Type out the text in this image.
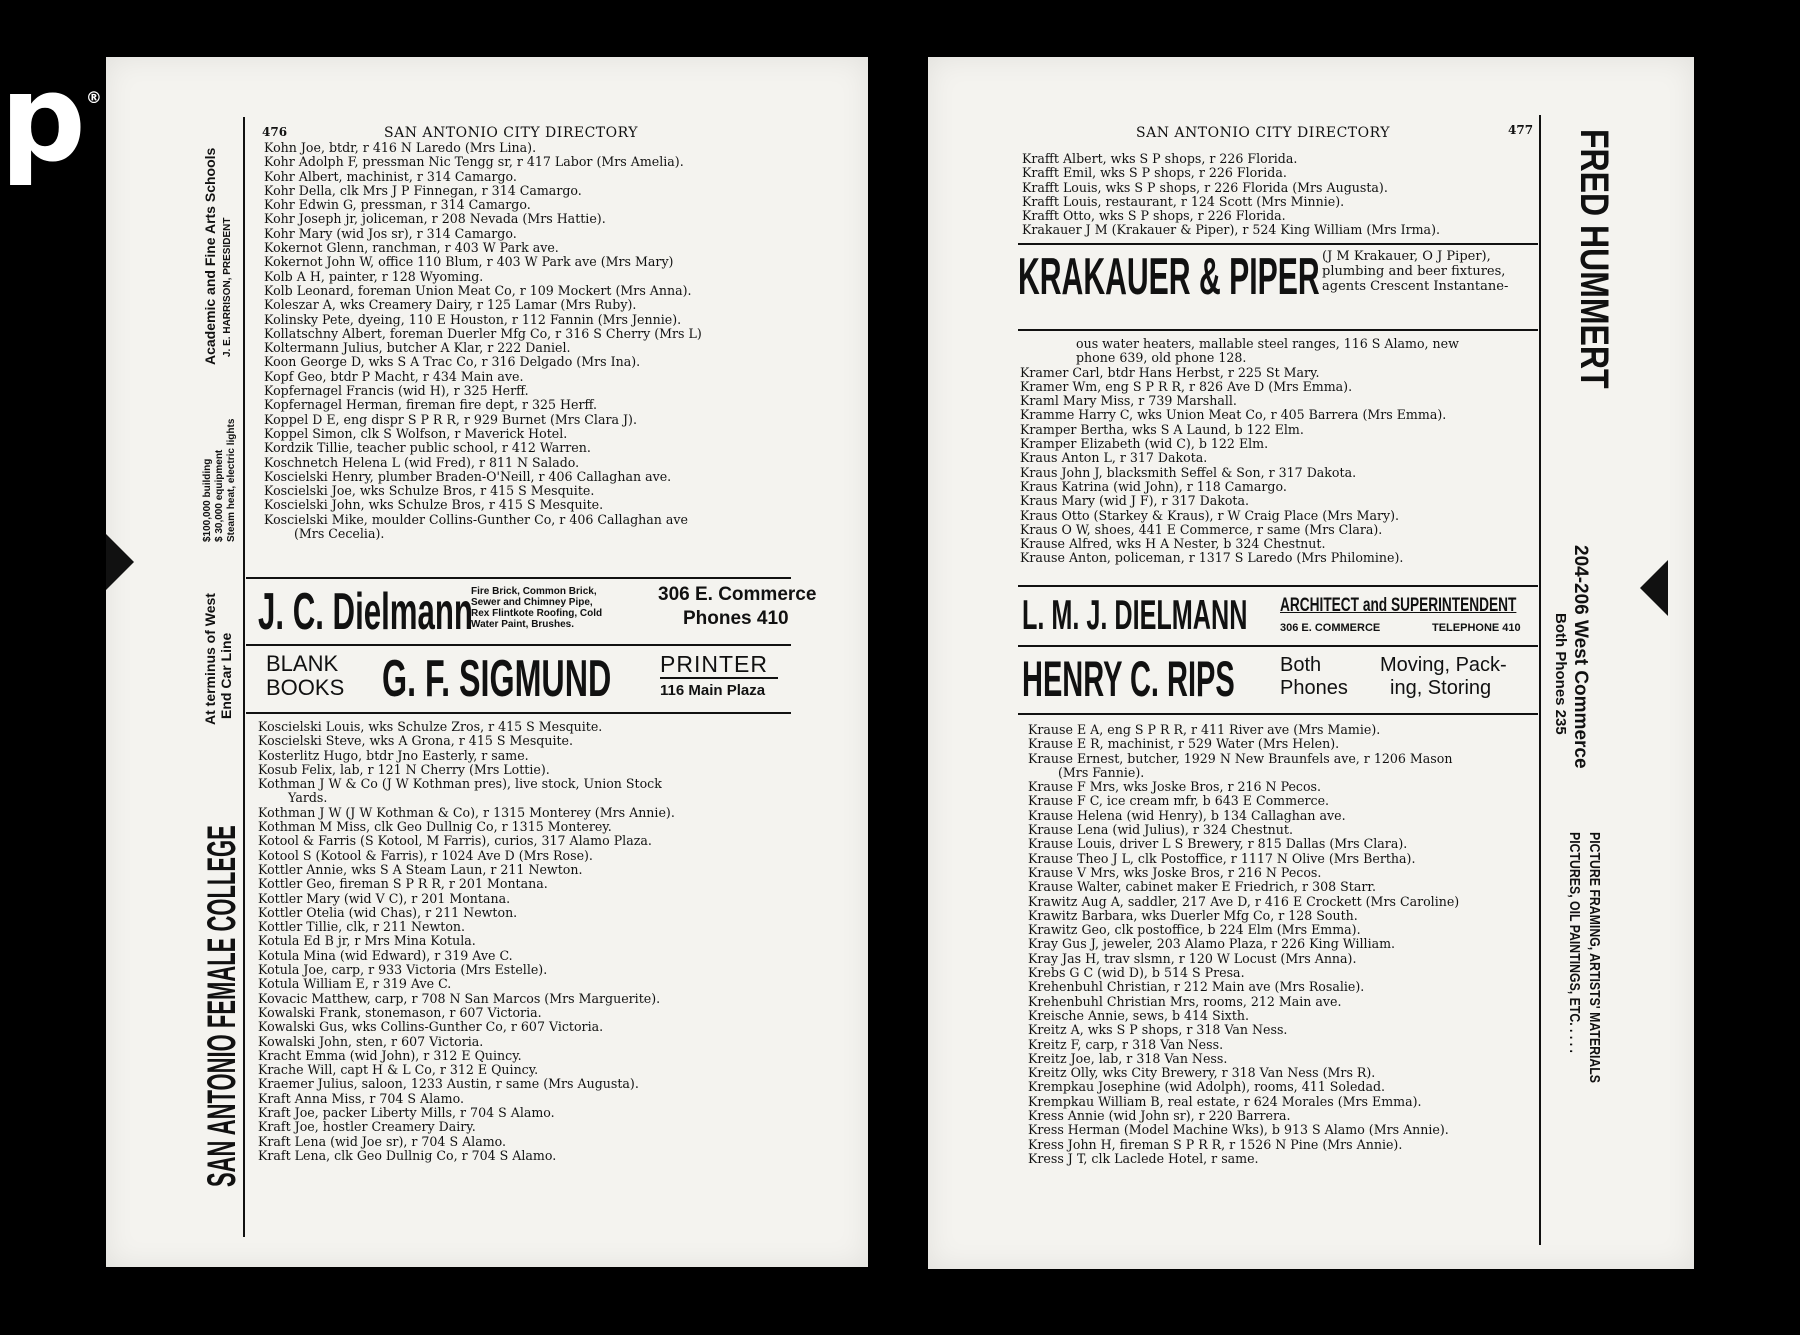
p®
476	SAN ANTONIO CITY DIRECTORY
SAN ANTONIO FEMALE COLLEGE
At terminus of West End Car Line
$100,000 building $ 30,000 equipment Steam heat, electric lights
Academic and Fine Arts Schools J. E. HARRISON, PRESIDENT
Kohn Joe, btdr, r 416 N Laredo (Mrs Lina).
Kohr Adolph F, pressman Nic Tengg sr, r 417 Labor (Mrs Amelia).
Kohr Albert, machinist, r 314 Camargo.
Kohr Della, clk Mrs J P Finnegan, r 314 Camargo.
Kohr Edwin G, pressman, r 314 Camargo.
Kohr Joseph jr, joliceman, r 208 Nevada (Mrs Hattie).
Kohr Mary (wid Jos sr), r 314 Camargo.
Kokernot Glenn, ranchman, r 403 W Park ave.
Kokernot John W, office 110 Blum, r 403 W Park ave (Mrs Mary)
Kolb A H, painter, r 128 Wyoming.
Kolb Leonard, foreman Union Meat Co, r 109 Mockert (Mrs Anna).
Koleszar A, wks Creamery Dairy, r 125 Lamar (Mrs Ruby).
Kolinsky Pete, dyeing, 110 E Houston, r 112 Fannin (Mrs Jennie).
Kollatschny Albert, foreman Duerler Mfg Co, r 316 S Cherry (Mrs L)
Koltermann Julius, butcher A Klar, r 222 Daniel.
Koon George D, wks S A Trac Co, r 316 Delgado (Mrs Ina).
Kopf Geo, btdr P Macht, r 434 Main ave.
Kopfernagel Francis (wid H), r 325 Herff.
Kopfernagel Herman, fireman fire dept, r 325 Herff.
Koppel D E, eng dispr S P R R, r 929 Burnet (Mrs Clara J).
Koppel Simon, clk S Wolfson, r Maverick Hotel.
Kordzik Tillie, teacher public school, r 412 Warren.
Koschnetch Helena L (wid Fred), r 811 N Salado.
Koscielski Henry, plumber Braden-O'Neill, r 406 Callaghan ave.
Koscielski Joe, wks Schulze Bros, r 415 S Mesquite.
Koscielski John, wks Schulze Bros, r 415 S Mesquite.
Koscielski Mike, moulder Collins-Gunther Co, r 406 Callaghan ave
(Mrs Cecelia).
J. C. Dielmann
Fire Brick, Common Brick,
Sewer and Chimney Pipe,
Rex Flintkote Roofing, Cold
Water Paint, Brushes.
306 E. Commerce
Phones 410
BLANK
BOOKS G. F. SIGMUND	PRINTER
116 Main Plaza
Koscielski Louis, wks Schulze Zros, r 415 S Mesquite.
Koscielski Steve, wks A Grona, r 415 S Mesquite.
Kosterlitz Hugo, btdr Jno Easterly, r same.
Kosub Felix, lab, r 121 N Cherry (Mrs Lottie).
Kothman J W & Co (J W Kothman pres), live stock, Union Stock
Yards.
Kothman J W (J W Kothman & Co), r 1315 Monterey (Mrs Annie).
Kothman M Miss, clk Geo Dullnig Co, r 1315 Monterey.
Kotool & Farris (S Kotool, M Farris), curios, 317 Alamo Plaza.
Kotool S (Kotool & Farris), r 1024 Ave D (Mrs Rose).
Kottler Annie, wks S A Steam Laun, r 211 Newton.
Kottler Geo, fireman S P R R, r 201 Montana.
Kottler Mary (wid V C), r 201 Montana.
Kottler Otelia (wid Chas), r 211 Newton.
Kottler Tillie, clk, r 211 Newton.
Kotula Ed B jr, r Mrs Mina Kotula.
Kotula Mina (wid Edward), r 319 Ave C.
Kotula Joe, carp, r 933 Victoria (Mrs Estelle).
Kotula William E, r 319 Ave C.
Kovacic Matthew, carp, r 708 N San Marcos (Mrs Marguerite).
Kowalski Frank, stonemason, r 607 Victoria.
Kowalski Gus, wks Collins-Gunther Co, r 607 Victoria.
Kowalski John, sten, r 607 Victoria.
Kracht Emma (wid John), r 312 E Quincy.
Krache Will, capt H & L Co, r 312 E Quincy.
Kraemer Julius, saloon, 1233 Austin, r same (Mrs Augusta).
Kraft Anna Miss, r 704 S Alamo.
Kraft Joe, packer Liberty Mills, r 704 S Alamo.
Kraft Joe, hostler Creamery Dairy.
Kraft Lena (wid Joe sr), r 704 S Alamo.
Kraft Lena, clk Geo Dullnig Co, r 704 S Alamo.
SAN ANTONIO CITY DIRECTORY	477 FRED HUMMERT
204-206 West Commerce
Both Phones 235
PICTURE FRAMING, ARTISTS' MATERIALS
PICTURES, OIL PAINTINGS, ETC. . . . .
Krafft Albert, wks S P shops, r 226 Florida.
Krafft Emil, wks S P shops, r 226 Florida.
Krafft Louis, wks S P shops, r 226 Florida (Mrs Augusta).
Krafft Louis, restaurant, r 124 Scott (Mrs Minnie).
Krafft Otto, wks S P shops, r 226 Florida.
Krakauer J M (Krakauer & Piper), r 524 King William (Mrs Irma).
KRAKAUER & PIPER (J M Krakauer, O J Piper),
plumbing and beer fixtures,
agents Crescent Instantane-
ous water heaters, mallable steel ranges, 116 S Alamo, new
phone 639, old phone 128.
Kramer Carl, btdr Hans Herbst, r 225 St Mary.
Kramer Wm, eng S P R R, r 826 Ave D (Mrs Emma).
Kraml Mary Miss, r 739 Marshall.
Kramme Harry C, wks Union Meat Co, r 405 Barrera (Mrs Emma).
Kramper Bertha, wks S A Laund, b 122 Elm.
Kramper Elizabeth (wid C), b 122 Elm.
Kraus Anton L, r 317 Dakota.
Kraus John J, blacksmith Seffel & Son, r 317 Dakota.
Kraus Katrina (wid John), r 118 Camargo.
Kraus Mary (wid J F), r 317 Dakota.
Kraus Otto (Starkey & Kraus), r W Craig Place (Mrs Mary).
Kraus O W, shoes, 441 E Commerce, r same (Mrs Clara).
Krause Alfred, wks H A Nester, b 324 Chestnut.
Krause Anton, policeman, r 1317 S Laredo (Mrs Philomine).
L. M. J. DIELMANN	ARCHITECT and SUPERINTENDENT
306 E. COMMERCE	TELEPHONE 410
HENRY C. RIPS	Both
Phones
Moving, Pack-
ing, Storing
Krause E A, eng S P R R, r 411 River ave (Mrs Mamie).
Krause E R, machinist, r 529 Water (Mrs Helen).
Krause Ernest, butcher, 1929 N New Braunfels ave, r 1206 Mason
(Mrs Fannie).
Krause F Mrs, wks Joske Bros, r 216 N Pecos.
Krause F C, ice cream mfr, b 643 E Commerce.
Krause Helena (wid Henry), b 134 Callaghan ave.
Krause Lena (wid Julius), r 324 Chestnut.
Krause Louis, driver L S Brewery, r 815 Dallas (Mrs Clara).
Krause Theo J L, clk Postoffice, r 1117 N Olive (Mrs Bertha).
Krause V Mrs, wks Joske Bros, r 216 N Pecos.
Krause Walter, cabinet maker E Friedrich, r 308 Starr.
Krawitz Aug A, saddler, 217 Ave D, r 416 E Crockett (Mrs Caroline)
Krawitz Barbara, wks Duerler Mfg Co, r 128 South.
Krawitz Geo, clk postoffice, b 224 Elm (Mrs Emma).
Kray Gus J, jeweler, 203 Alamo Plaza, r 226 King William.
Kray Jas H, trav slsmn, r 120 W Locust (Mrs Anna).
Krebs G C (wid D), b 514 S Presa.
Krehenbuhl Christian, r 212 Main ave (Mrs Rosalie).
Krehenbuhl Christian Mrs, rooms, 212 Main ave.
Kreische Annie, sews, b 414 Sixth.
Kreitz A, wks S P shops, r 318 Van Ness.
Kreitz F, carp, r 318 Van Ness.
Kreitz Joe, lab, r 318 Van Ness.
Kreitz Olly, wks City Brewery, r 318 Van Ness (Mrs R).
Krempkau Josephine (wid Adolph), rooms, 411 Soledad.
Krempkau William B, real estate, r 624 Morales (Mrs Emma).
Kress Annie (wid John sr), r 220 Barrera.
Kress Herman (Model Machine Wks), b 913 S Alamo (Mrs Annie).
Kress John H, fireman S P R R, r 1526 N Pine (Mrs Annie).
Kress J T, clk Laclede Hotel, r same.
